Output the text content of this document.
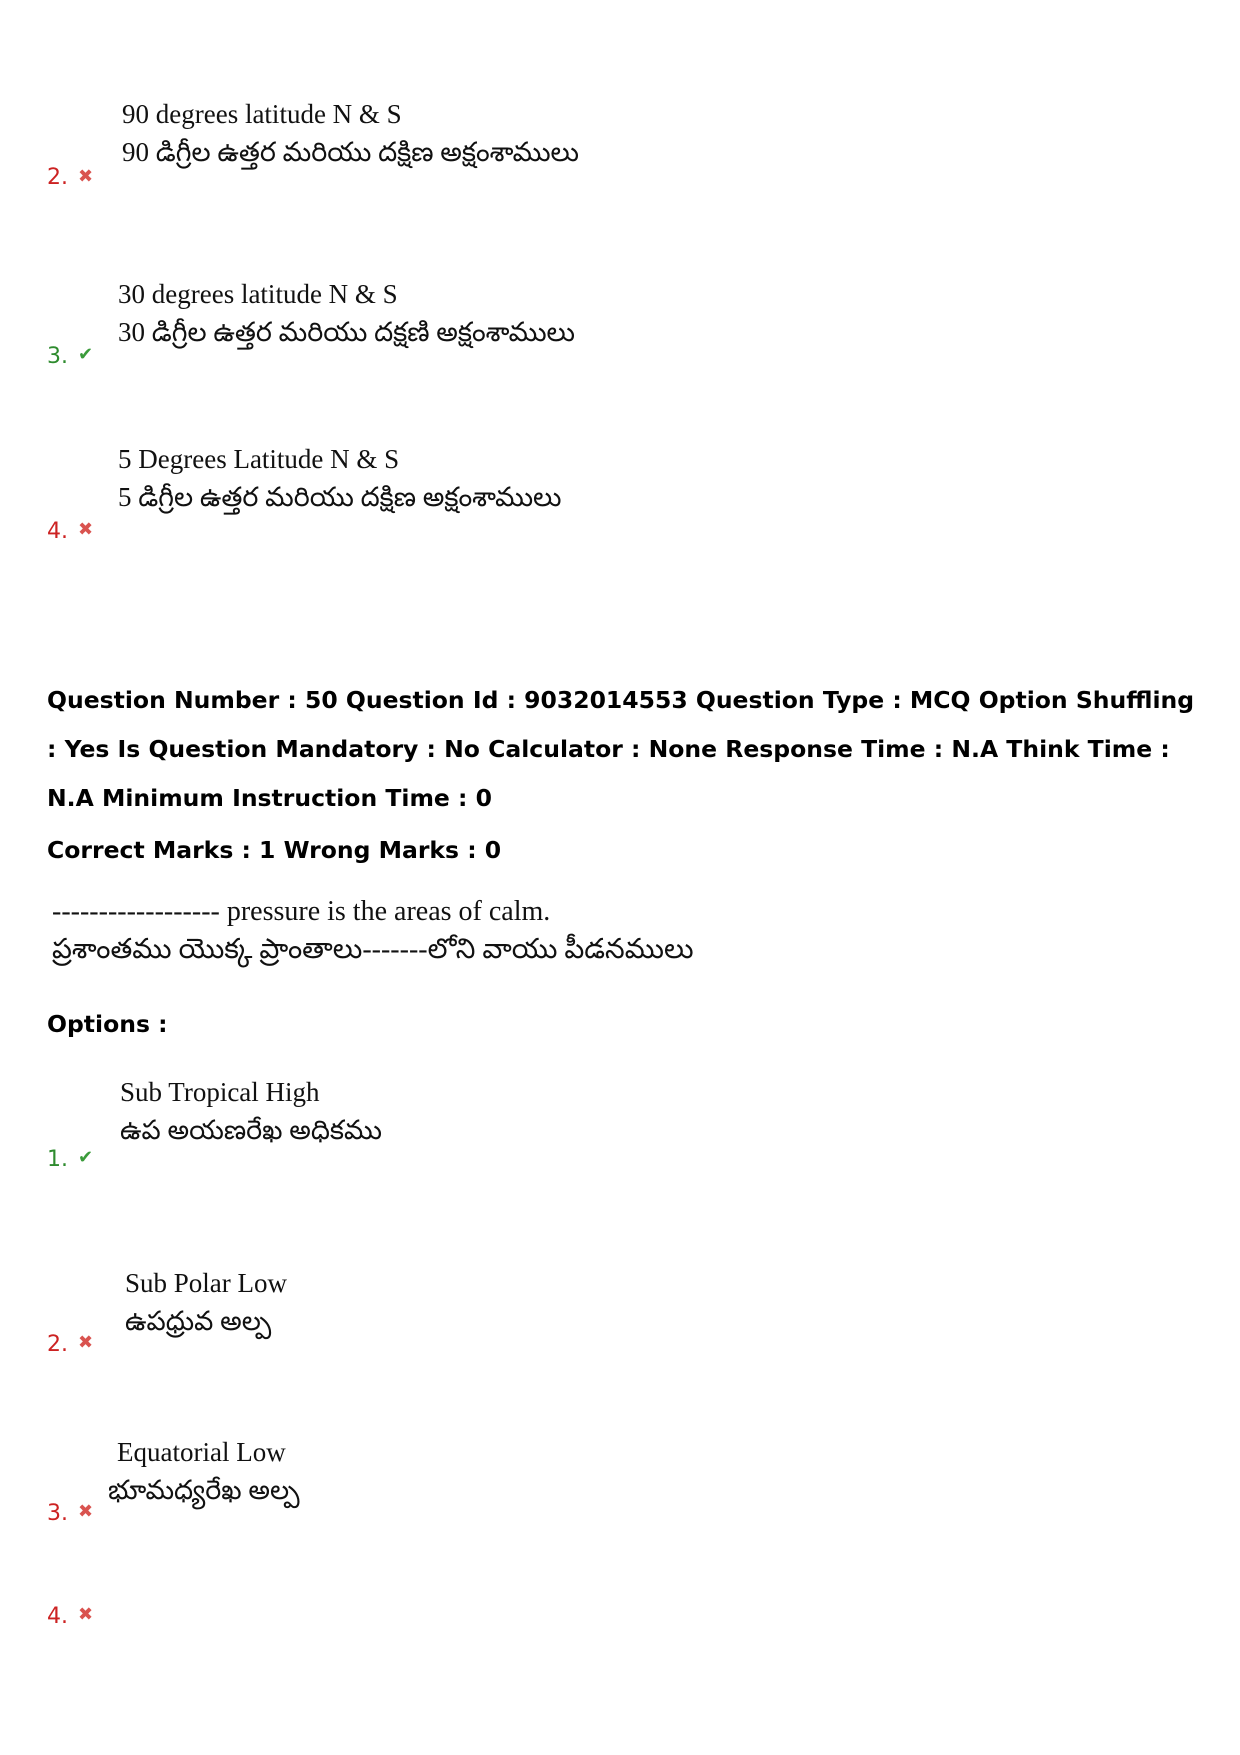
90 degrees latitude N & S
90 డిగ్రీల ఉత్తర మరియు దక్షిణ అక్షంశాములు
2. ✖
30 degrees latitude N & S
30 డిగ్రీల ఉత్తర మరియు దక్షణి అక్షంశాములు
3. ✔
5 Degrees Latitude N & S
5 డిగ్రీల ఉత్తర మరియు దక్షిణ అక్షంశాములు
4. ✖
Question Number : 50 Question Id : 9032014553 Question Type : MCQ Option Shuffling : Yes Is Question Mandatory : No Calculator : None Response Time : N.A Think Time : N.A Minimum Instruction Time : 0
Correct Marks : 1 Wrong Marks : 0
------------------ pressure is the areas of calm.
ప్రశాంతము యొక్క ప్రాంతాలు-------లోని వాయు పీడనములు
Options :
Sub Tropical High
ఉప అయణరేఖ అధికము
1. ✔
Sub Polar Low
ఉపధ్రువ అల్ప
2. ✖
Equatorial Low
భూమధ్యరేఖ అల్ప
3. ✖
4. ✖
